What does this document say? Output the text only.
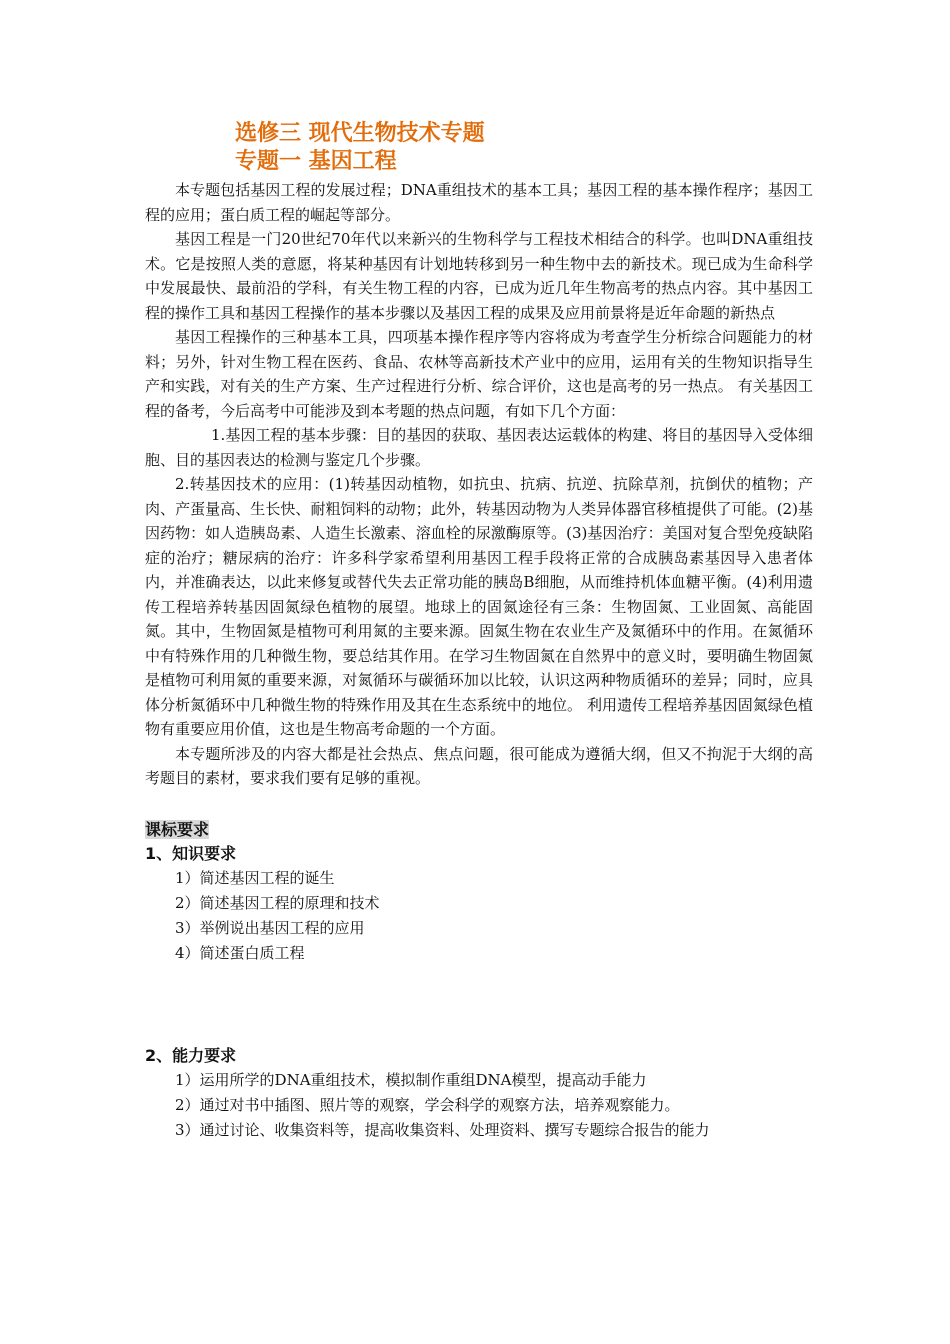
选修三 现代生物技术专题
专题一 基因工程

本专题包括基因工程的发展过程；DNA重组技术的基本工具；基因工程的基本操作程序；基因工程的应用；蛋白质工程的崛起等部分。

基因工程是一门20世纪70年代以来新兴的生物科学与工程技术相结合的科学。也叫DNA重组技术。它是按照人类的意愿，将某种基因有计划地转移到另一种生物中去的新技术。现已成为生命科学中发展最快、最前沿的学科，有关生物工程的内容，已成为近几年生物高考的热点内容。其中基因工程的操作工具和基因工程操作的基本步骤以及基因工程的成果及应用前景将是近年命题的新热点

基因工程操作的三种基本工具，四项基本操作程序等内容将成为考查学生分析综合问题能力的材料；另外，针对生物工程在医药、食品、农林等高新技术产业中的应用，运用有关的生物知识指导生产和实践，对有关的生产方案、生产过程进行分析、综合评价，这也是高考的另一热点。 有关基因工程的备考，今后高考中可能涉及到本考题的热点问题，有如下几个方面：

1.基因工程的基本步骤：目的基因的获取、基因表达运载体的构建、将目的基因导入受体细胞、目的基因表达的检测与鉴定几个步骤。

2.转基因技术的应用：(1)转基因动植物，如抗虫、抗病、抗逆、抗除草剂，抗倒伏的植物；产肉、产蛋量高、生长快、耐粗饲料的动物；此外，转基因动物为人类异体器官移植提供了可能。(2)基因药物：如人造胰岛素、人造生长激素、溶血栓的尿激酶原等。(3)基因治疗：美国对复合型免疫缺陷症的治疗；糖尿病的治疗：许多科学家希望利用基因工程手段将正常的合成胰岛素基因导入患者体内，并准确表达，以此来修复或替代失去正常功能的胰岛B细胞，从而维持机体血糖平衡。(4)利用遗传工程培养转基因固氮绿色植物的展望。地球上的固氮途径有三条：生物固氮、工业固氮、高能固氮。其中，生物固氮是植物可利用氮的主要来源。固氮生物在农业生产及氮循环中的作用。在氮循环中有特殊作用的几种微生物，要总结其作用。在学习生物固氮在自然界中的意义时，要明确生物固氮是植物可利用氮的重要来源，对氮循环与碳循环加以比较，认识这两种物质循环的差异；同时，应具体分析氮循环中几种微生物的特殊作用及其在生态系统中的地位。 利用遗传工程培养基因固氮绿色植物有重要应用价值，这也是生物高考命题的一个方面。

本专题所涉及的内容大都是社会热点、焦点问题，很可能成为遵循大纲，但又不拘泥于大纲的高考题目的素材，要求我们要有足够的重视。

课标要求
1、知识要求
1）简述基因工程的诞生
2）简述基因工程的原理和技术
3）举例说出基因工程的应用
4）简述蛋白质工程
2、能力要求
1）运用所学的DNA重组技术，模拟制作重组DNA模型，提高动手能力
2）通过对书中插图、照片等的观察，学会科学的观察方法，培养观察能力。
3）通过讨论、收集资料等，提高收集资料、处理资料、撰写专题综合报告的能力
